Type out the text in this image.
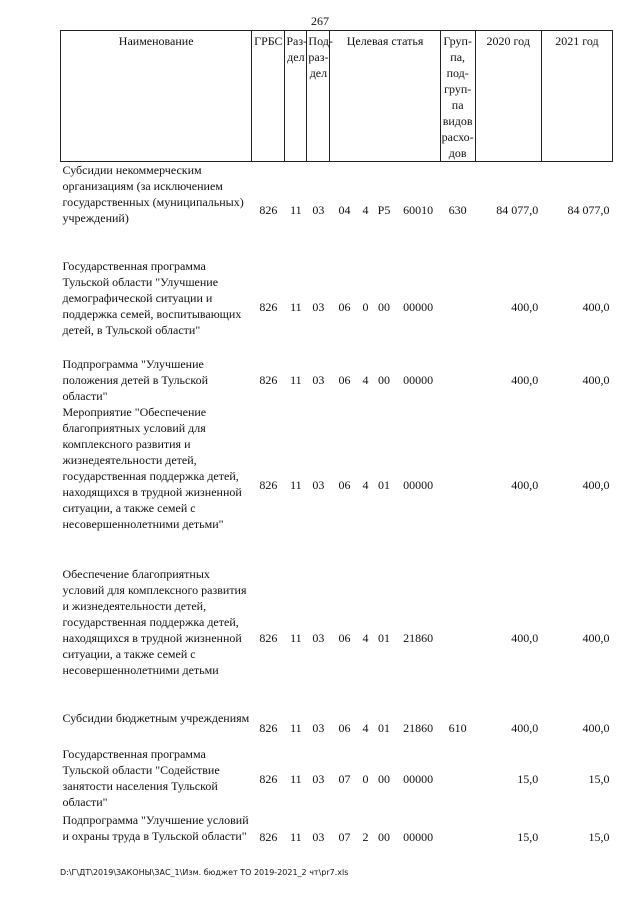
267
Наименование	ГРБС	Раз-дел	Под-раз-дел	Целевая статья				Груп-па, под-груп-па видов расхо-дов	2020 год	2021 год
Субсидии некоммерческим организациям (за исключением государственных (муниципальных) учреждений)	826	11	03	04	4	P5	60010	630	84 077,0	84 077,0
Государственная программа Тульской области "Улучшение демографической ситуации и поддержка семей, воспитывающих детей, в Тульской области"	826	11	03	06	0	00	00000		400,0	400,0
Подпрограмма "Улучшение положения детей в Тульской области"	826	11	03	06	4	00	00000		400,0	400,0
Мероприятие "Обеспечение благоприятных условий для комплексного развития и жизнедеятельности детей, государственная поддержка детей, находящихся в трудной жизненной ситуации, а также семей с несовершеннолетними детьми"	826	11	03	06	4	01	00000		400,0	400,0
Обеспечение благоприятных условий для комплексного развития и жизнедеятельности детей, государственная поддержка детей, находящихся в трудной жизненной ситуации, а также семей с несовершеннолетними детьми	826	11	03	06	4	01	21860		400,0	400,0
Субсидии бюджетным учреждениям	826	11	03	06	4	01	21860	610	400,0	400,0
Государственная программа Тульской области "Содействие занятости населения Тульской области"	826	11	03	07	0	00	00000		15,0	15,0
Подпрограмма "Улучшение условий и охраны труда в Тульской области"	826	11	03	07	2	00	00000		15,0	15,0
D:\Г\ДТ\2019\ЗАКОНЫ\ЗАС_1\Изм. бюджет ТО 2019-2021_2 чт\pr7.xls
